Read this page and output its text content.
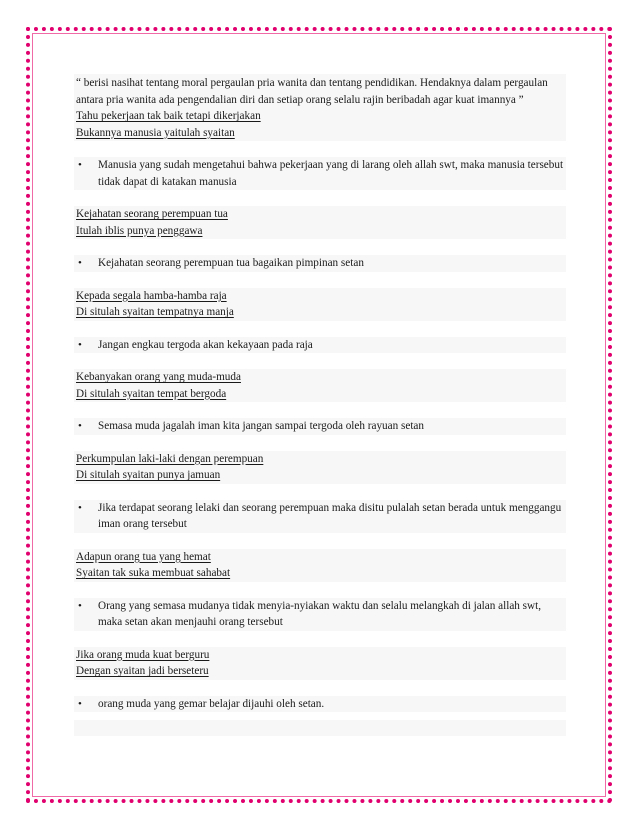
“ berisi nasihat tentang moral pergaulan pria wanita dan tentang pendidikan. Hendaknya dalam pergaulan antara pria wanita ada pengendalian diri dan setiap orang selalu rajin beribadah agar kuat imannya ”

Tahu pekerjaan tak baik tetapi dikerjakan
Bukannya manusia yaitulah syaitan
•	Manusia yang sudah mengetahui bahwa pekerjaan yang di larang oleh allah swt, maka manusia tersebut tidak dapat di katakan manusia
Kejahatan seorang perempuan tua
Itulah iblis punya penggawa
•	Kejahatan seorang perempuan tua bagaikan pimpinan setan
Kepada segala hamba-hamba raja
Di situlah syaitan tempatnya manja
•	Jangan engkau tergoda akan kekayaan pada raja
Kebanyakan orang yang muda-muda
Di situlah syaitan tempat bergoda
•	Semasa muda jagalah iman kita jangan sampai tergoda oleh rayuan setan
Perkumpulan laki-laki dengan perempuan
Di situlah syaitan punya jamuan
•	Jika terdapat seorang lelaki dan seorang perempuan maka disitu pulalah setan berada untuk menggangu iman orang tersebut
Adapun orang tua yang hemat
Syaitan tak suka membuat sahabat
•	Orang yang semasa mudanya tidak menyia-nyiakan waktu dan selalu melangkah di jalan allah swt, maka setan akan menjauhi orang tersebut
Jika orang muda kuat berguru
Dengan syaitan jadi berseteru
•	orang muda yang gemar belajar dijauhi oleh setan.
